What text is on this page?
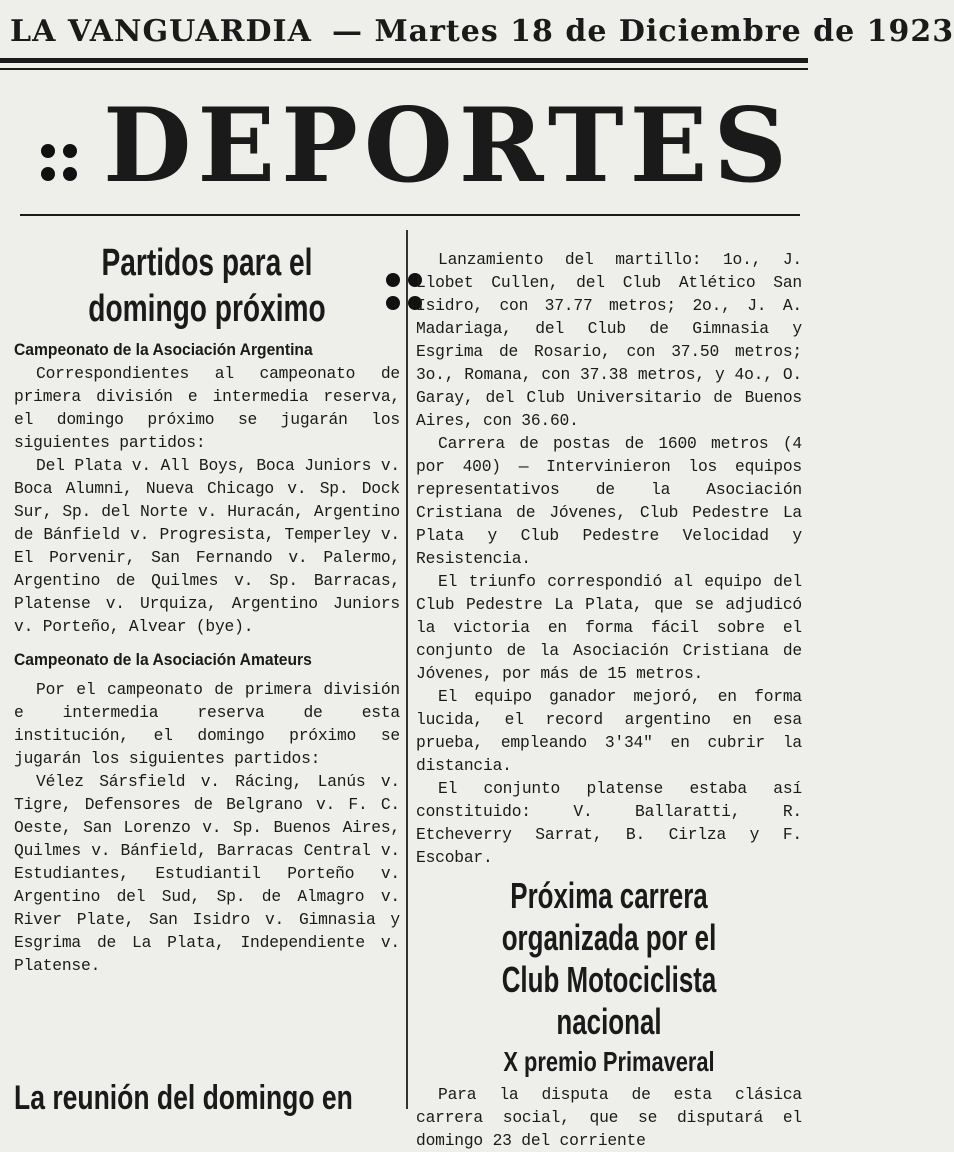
LA VANGUARDIA — Martes 18 de Diciembre de 1923
DEPORTES
Partidos para el domingo próximo
Campeonato de la Asociación Argentina

Correspondientes al campeonato de primera división e intermedia reserva, el domingo próximo se jugarán los siguientes partidos:

Del Plata v. All Boys, Boca Juniors v. Boca Alumni, Nueva Chicago v. Sp. Dock Sur, Sp. del Norte v. Huracán, Argentino de Bánfield v. Progresista, Temperley v. El Porvenir, San Fernando v. Palermo, Argentino de Quilmes v. Sp. Barracas, Platense v. Urquiza, Argentino Juniors v. Porteño, Alvear (bye).

Campeonato de la Asociación Amateurs

Por el campeonato de primera división e intermedia reserva de esta institución, el domingo próximo se jugarán los siguientes partidos:

Vélez Sársfield v. Rácing, Lanús v. Tigre, Defensores de Belgrano v. F. C. Oeste, San Lorenzo v. Sp. Buenos Aires, Quilmes v. Bánfield, Barracas Central v. Estudiantes, Estudiantil Porteño v. Argentino del Sud, Sp. de Almagro v. River Plate, San Isidro v. Gimnasia y Esgrima de La Plata, Independiente v. Platense.

La reunión del domingo en

Lanzamiento del martillo: 1o., J. Llobet Cullen, del Club Atlético San Isidro, con 37.77 metros; 2o., J. A. Madariaga, del Club de Gimnasia y Esgrima de Rosario, con 37.50 metros; 3o., Romana, con 37.38 metros, y 4o., O. Garay, del Club Universitario de Buenos Aires, con 36.60.

Carrera de postas de 1600 metros (4 por 400) — Intervinieron los equipos representativos de la Asociación Cristiana de Jóvenes, Club Pedestre La Plata y Club Pedestre Velocidad y Resistencia.

El triunfo correspondió al equipo del Club Pedestre La Plata, que se adjudicó la victoria en forma fácil sobre el conjunto de la Asociación Cristiana de Jóvenes, por más de 15 metros.

El equipo ganador mejoró, en forma lucida, el record argentino en esa prueba, empleando 3'34" en cubrir la distancia.

El conjunto platense estaba así constituido: V. Ballaratti, R. Etcheverry Sarrat, B. Cirlza y F. Escobar.

Próxima carrera organizada por el Club Motociclista nacional
X premio Primaveral

Para la disputa de esta clásica carrera social, que se disputará el domingo 23 del corriente
